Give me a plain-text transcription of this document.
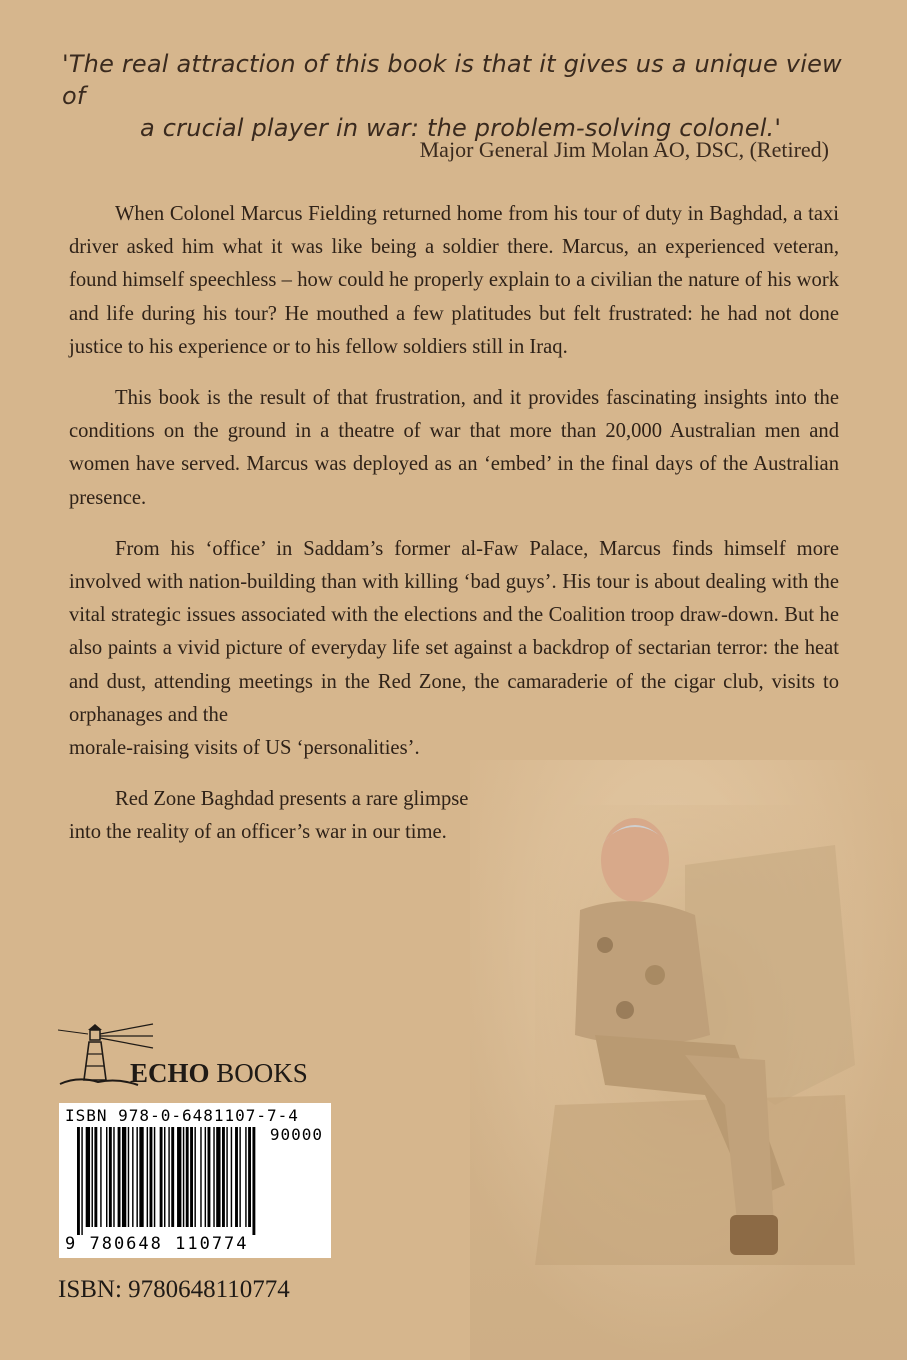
'The real attraction of this book is that it gives us a unique view of
a crucial player in war: the problem-solving colonel.'
Major General Jim Molan AO, DSC, (Retired)

When Colonel Marcus Fielding returned home from his tour of duty in Baghdad, a taxi driver asked him what it was like being a soldier there. Marcus, an experienced veteran, found himself speechless – how could he properly explain to a civilian the nature of his work and life during his tour? He mouthed a few platitudes but felt frustrated: he had not done justice to his experience or to his fellow soldiers still in Iraq.

This book is the result of that frustration, and it provides fascinating insights into the conditions on the ground in a theatre of war that more than 20,000 Australian men and women have served. Marcus was deployed as an ‘embed’ in the final days of the Australian presence.

From his ‘office’ in Saddam’s former al-Faw Palace, Marcus finds himself more involved with nation-building than with killing ‘bad guys’. His tour is about dealing with the vital strategic issues associated with the elections and the Coalition troop draw-down. But he also paints a vivid picture of everyday life set against a backdrop of sectarian terror: the heat and dust, attending meetings in the Red Zone, the camaraderie of the cigar club, visits to orphanages and the
morale-raising visits of US ‘personalities’.

Red Zone Baghdad presents a rare glimpse
into the reality of an officer’s war in our time.

ECHO BOOKS
ISBN 978-0-6481107-7-4
90000
9 780648 110774
ISBN: 9780648110774
